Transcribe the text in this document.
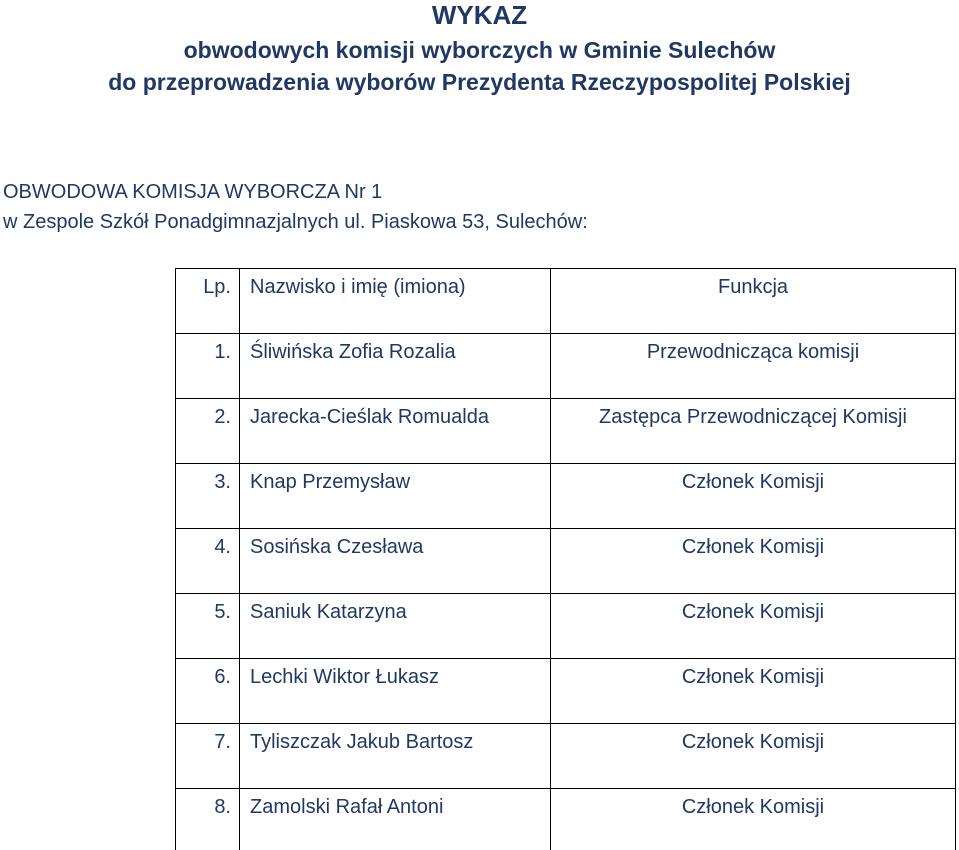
WYKAZ
obwodowych komisji wyborczych w Gminie Sulechów
do przeprowadzenia wyborów Prezydenta Rzeczypospolitej Polskiej
OBWODOWA KOMISJA WYBORCZA Nr 1
w Zespole Szkół Ponadgimnazjalnych ul. Piaskowa 53, Sulechów:
Lp.	Nazwisko i imię (imiona)	Funkcja
1.	Śliwińska Zofia Rozalia	Przewodnicząca komisji
2.	Jarecka-Cieślak Romualda	Zastępca Przewodniczącej Komisji
3.	Knap Przemysław	Członek Komisji
4.	Sosińska Czesława	Członek Komisji
5.	Saniuk Katarzyna	Członek Komisji
6.	Lechki Wiktor Łukasz	Członek Komisji
7.	Tyliszczak Jakub Bartosz	Członek Komisji
8.	Zamolski Rafał Antoni	Członek Komisji
